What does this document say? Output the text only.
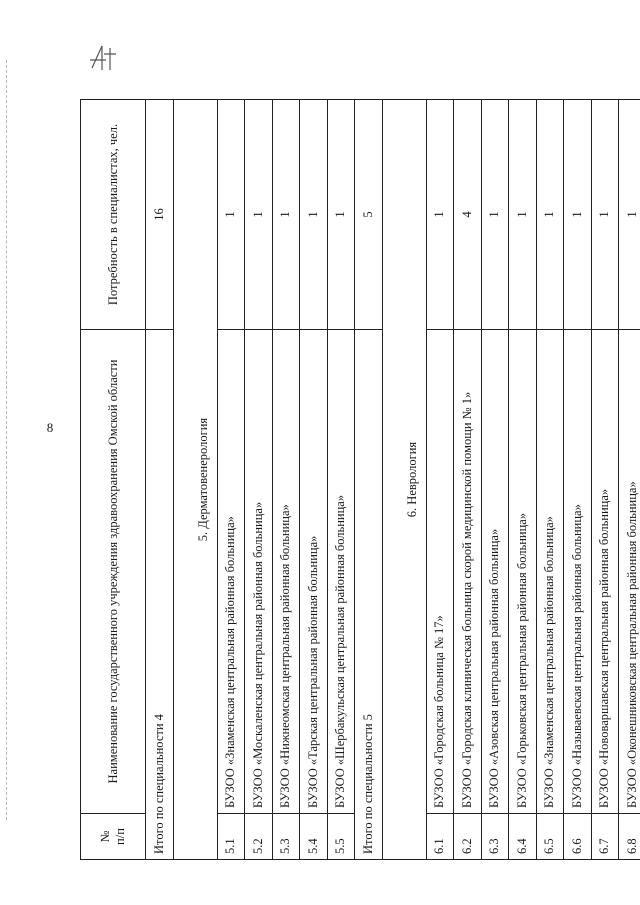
8
№
п/п	Наименование государственного учреждения здравоохранения Омской области	Потребность в специалистах, чел.
Итого по специальности 4		16
5. Дерматовенерология		
5.1	БУЗОО «Знаменская центральная районная больница»	1
5.2	БУЗОО «Москаленская центральная районная больница»	1
5.3	БУЗОО «Нижнеомская центральная районная больница»	1
5.4	БУЗОО «Тарская центральная районная больница»	1
5.5	БУЗОО «Шербакульская центральная районная больница»	1
Итого по специальности 5		5
6. Неврология		
6.1	БУЗОО «Городская больница № 17»	1
6.2	БУЗОО «Городская клиническая больница скорой медицинской помощи № 1»	4
6.3	БУЗОО «Азовская центральная районная больница»	1
6.4	БУЗОО «Горьковская центральная районная больница»	1
6.5	БУЗОО «Знаменская центральная районная больница»	1
6.6	БУЗОО «Называевская центральная районная больница»	1
6.7	БУЗОО «Нововаршавская центральная районная больница»	1
6.8	БУЗОО «Оконешниковская центральная районная больница»	1
